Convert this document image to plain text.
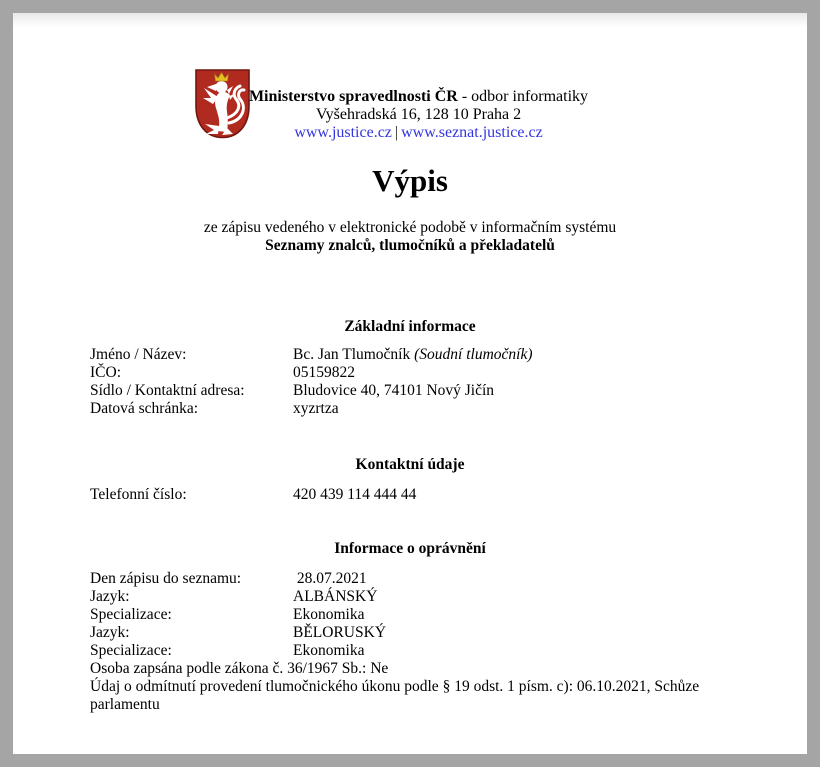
Ministerstvo spravedlnosti ČR - odbor informatiky
Vyšehradská 16, 128 10 Praha 2
www.justice.cz | www.seznat.justice.cz
Výpis
ze zápisu vedeného v elektronické podobě v informačním systému
Seznamy znalců, tlumočníků a překladatelů
Základní informace
Jméno / Název:	Bc. Jan Tlumočník (Soudní tlumočník)
IČO:	05159822
Sídlo / Kontaktní adresa:	Bludovice 40, 74101 Nový Jičín
Datová schránka:	xyzrtza
Kontaktní údaje
Telefonní číslo:	420 439 114 444 44
Informace o oprávnění
Den zápisu do seznamu:	28.07.2021
Jazyk:	ALBÁNSKÝ
Specializace:	Ekonomika
Jazyk:	BĚLORUSKÝ
Specializace:	Ekonomika
Osoba zapsána podle zákona č. 36/1967 Sb.: Ne
Údaj o odmítnutí provedení tlumočnického úkonu podle § 19 odst. 1 písm. c): 06.10.2021, Schůze parlamentu
